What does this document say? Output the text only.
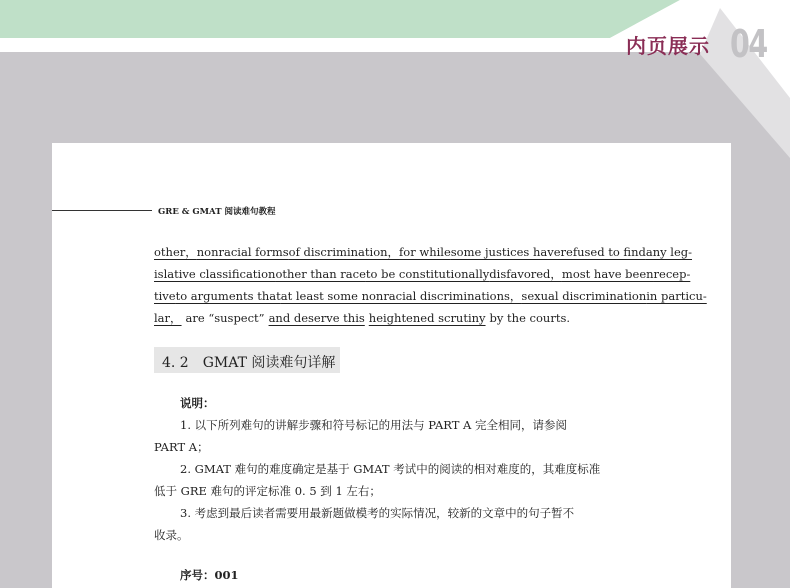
内页展示 04
GRE & GMAT 阅读难句教程
other， nonracial forms of discrimination， for while some justices have refused to find any leg-
islative classification other than race to be constitutionally disfavored， most have been recep-
tive to arguments that at least some nonracial discriminations， sexual discrimination in particu-
lar， are “suspect” and deserve this heightened scrutiny by the courts.
4. 2　GMAT 阅读难句详解
说明：
1. 以下所列难句的讲解步骤和符号标记的用法与 PART A 完全相同，请参阅
PART A；
2. GMAT 难句的难度确定是基于 GMAT 考试中的阅读的相对难度的，其难度标准
低于 GRE 难句的评定标准 0. 5 到 1 左右；
3. 考虑到最后读者需要用最新题做模考的实际情况，较新的文章中的句子暂不
收录。
序号：001
